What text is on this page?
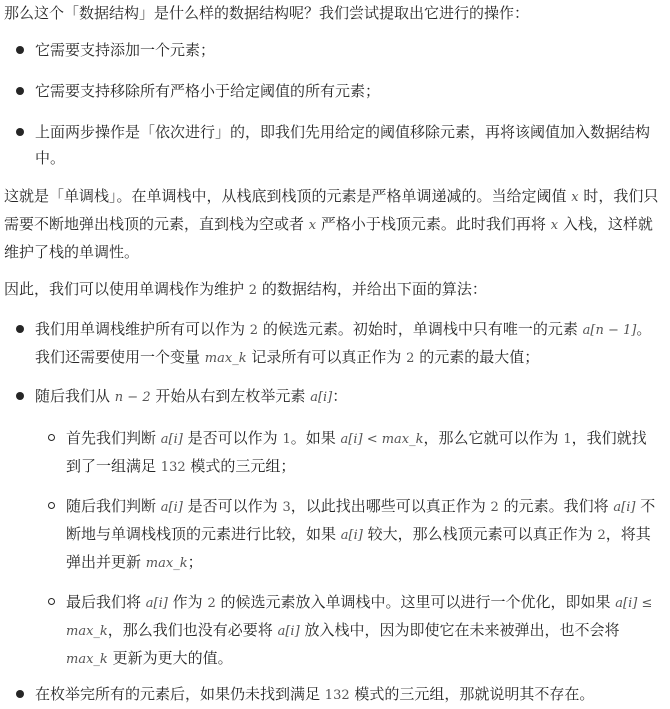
那么这个「数据结构」是什么样的数据结构呢？我们尝试提取出它进行的操作：

它需要支持添加一个元素；
它需要支持移除所有严格小于给定阈值的所有元素；
上面两步操作是「依次进行」的，即我们先用给定的阈值移除元素，再将该阈值加入数据结构中。

这就是「单调栈」。在单调栈中，从栈底到栈顶的元素是严格单调递减的。当给定阈值 x 时，我们只需要不断地弹出栈顶的元素，直到栈为空或者 x 严格小于栈顶元素。此时我们再将 x 入栈，这样就维护了栈的单调性。

因此，我们可以使用单调栈作为维护 2 的数据结构，并给出下面的算法：

我们用单调栈维护所有可以作为 2 的候选元素。初始时，单调栈中只有唯一的元素 a[n − 1]。我们还需要使用一个变量 max_k 记录所有可以真正作为 2 的元素的最大值；
随后我们从 n − 2 开始从右到左枚举元素 a[i]：
首先我们判断 a[i] 是否可以作为 1。如果 a[i] < max_k，那么它就可以作为 1，我们就找到了一组满足 132 模式的三元组；
随后我们判断 a[i] 是否可以作为 3，以此找出哪些可以真正作为 2 的元素。我们将 a[i] 不断地与单调栈栈顶的元素进行比较，如果 a[i] 较大，那么栈顶元素可以真正作为 2，将其弹出并更新 max_k；
最后我们将 a[i] 作为 2 的候选元素放入单调栈中。这里可以进行一个优化，即如果 a[i] ≤ max_k，那么我们也没有必要将 a[i] 放入栈中，因为即使它在未来被弹出，也不会将 max_k 更新为更大的值。
在枚举完所有的元素后，如果仍未找到满足 132 模式的三元组，那就说明其不存在。
